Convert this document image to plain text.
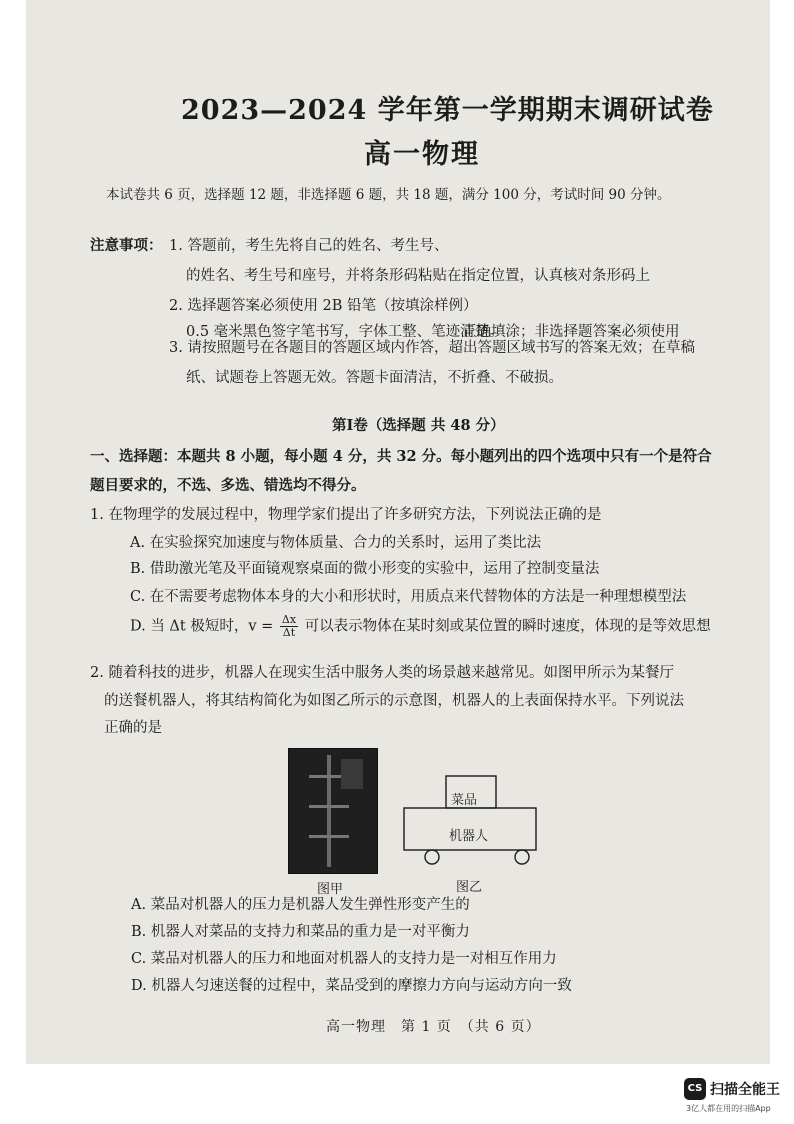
2023—2024 学年第一学期期末调研试卷
高一物理
本试卷共 6 页，选择题 12 题，非选择题 6 题，共 18 题，满分 100 分，考试时间 90 分钟。
注意事项： 1. 答题前，考生先将自己的姓名、考生号、
的姓名、考生号和座号，并将条形码粘贴在指定位置，认真核对条形码上
2. 选择题答案必须使用 2B 铅笔（按填涂样例）
0.5 毫米黑色签字笔书写，字体工整、笔迹清楚。
正确填涂；非选择题答案必须使用
3. 请按照题号在各题目的答题区域内作答，超出答题区域书写的答案无效；在草稿
纸、试题卷上答题无效。答题卡面清洁，不折叠、不破损。
第Ⅰ卷（选择题 共 48 分）
一、选择题：本题共 8 小题，每小题 4 分，共 32 分。每小题列出的四个选项中只有一个是符合
题目要求的，不选、多选、错选均不得分。
1. 在物理学的发展过程中，物理学家们提出了许多研究方法，下列说法正确的是
A. 在实验探究加速度与物体质量、合力的关系时，运用了类比法
B. 借助激光笔及平面镜观察桌面的微小形变的实验中，运用了控制变量法
C. 在不需要考虑物体本身的大小和形状时，用质点来代替物体的方法是一种理想模型法
D. 当 Δt 极短时，$v = \frac{\Delta x}{\Delta t}$ 可以表示物体在某时刻或某位置的瞬时速度，体现的是等效思想
2. 随着科技的进步，机器人在现实生活中服务人类的场景越来越常见。如图甲所示为某餐厅
的送餐机器人，将其结构简化为如图乙所示的示意图，机器人的上表面保持水平。下列说法
正确的是
图甲
菜品
机器人
图乙
A. 菜品对机器人的压力是机器人发生弹性形变产生的
B. 机器人对菜品的支持力和菜品的重力是一对平衡力
C. 菜品对机器人的压力和地面对机器人的支持力是一对相互作用力
D. 机器人匀速送餐的过程中，菜品受到的摩擦力方向与运动方向一致
高一物理　第 1 页　（共 6 页）
CS 扫描全能王
3亿人都在用的扫描App
